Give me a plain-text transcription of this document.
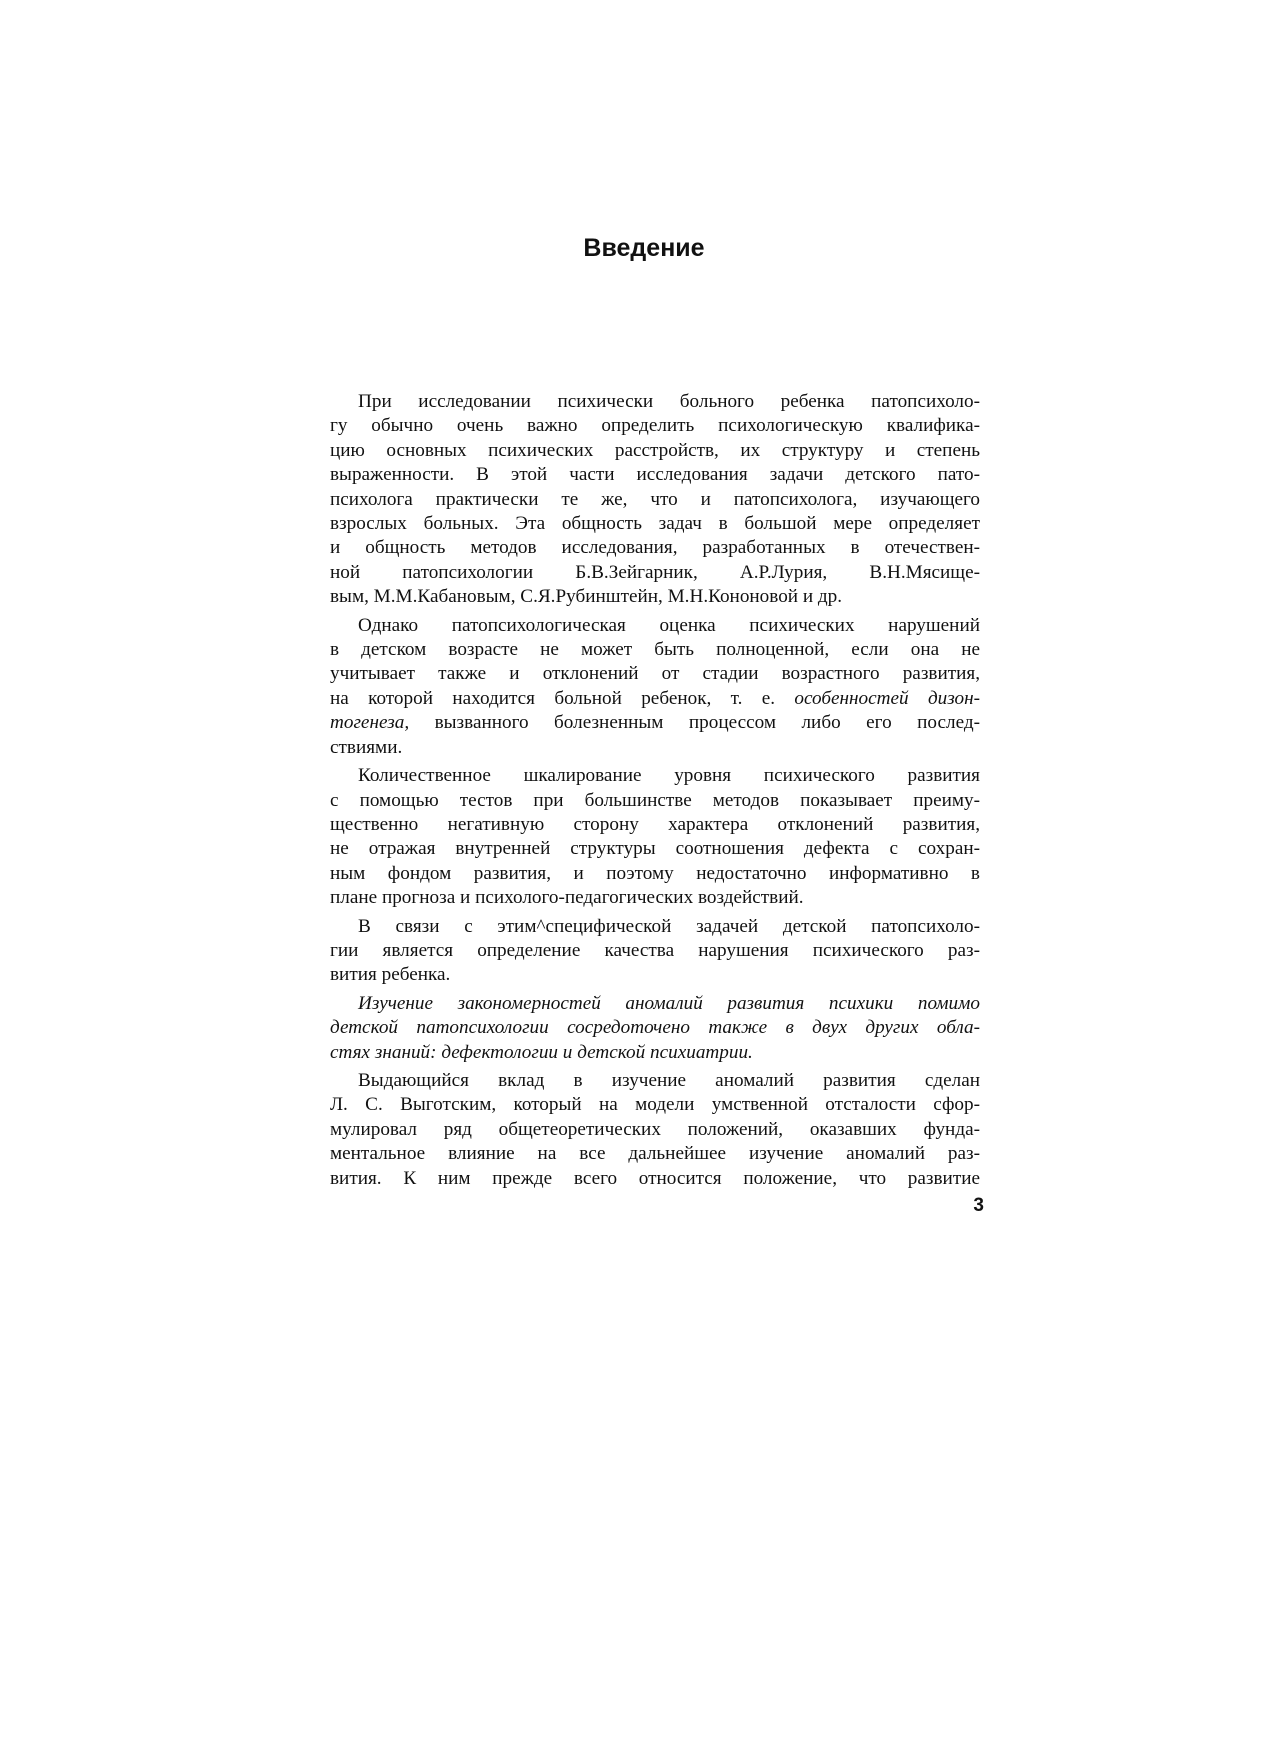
Введение

При исследовании психически больного ребенка патопсихоло-
гу обычно очень важно определить психологическую квалифика-
цию основных психических расстройств, их структуру и степень
выраженности. В этой части исследования задачи детского пато-
психолога практически те же, что и патопсихолога, изучающего
взрослых больных. Эта общность задач в большой мере определяет
и общность методов исследования, разработанных в отечествен-
ной патопсихологии Б.В.Зейгарник, А.Р.Лурия, В.Н.Мясище-
вым, М.М.Кабановым, С.Я.Рубинштейн, М.Н.Кононовой и др.

Однако патопсихологическая оценка психических нарушений
в детском возрасте не может быть полноценной, если она не
учитывает также и отклонений от стадии возрастного развития,
на которой находится больной ребенок, т. е. особенностей дизон-
тогенеза, вызванного болезненным процессом либо его послед-
ствиями.

Количественное шкалирование уровня психического развития
с помощью тестов при большинстве методов показывает преиму-
щественно негативную сторону характера отклонений развития,
не отражая внутренней структуры соотношения дефекта с сохран-
ным фондом развития, и поэтому недостаточно информативно в
плане прогноза и психолого-педагогических воздействий.

В связи с этим^специфической задачей детской патопсихоло-
гии является определение качества нарушения психического раз-
вития ребенка.

Изучение закономерностей аномалий развития психики помимо
детской патопсихологии сосредоточено также в двух других обла-
стях знаний: дефектологии и детской психиатрии.

Выдающийся вклад в изучение аномалий развития сделан
Л. С. Выготским, который на модели умственной отсталости сфор-
мулировал ряд общетеоретических положений, оказавших фунда-
ментальное влияние на все дальнейшее изучение аномалий раз-
вития. К ним прежде всего относится положение, что развитие

3
